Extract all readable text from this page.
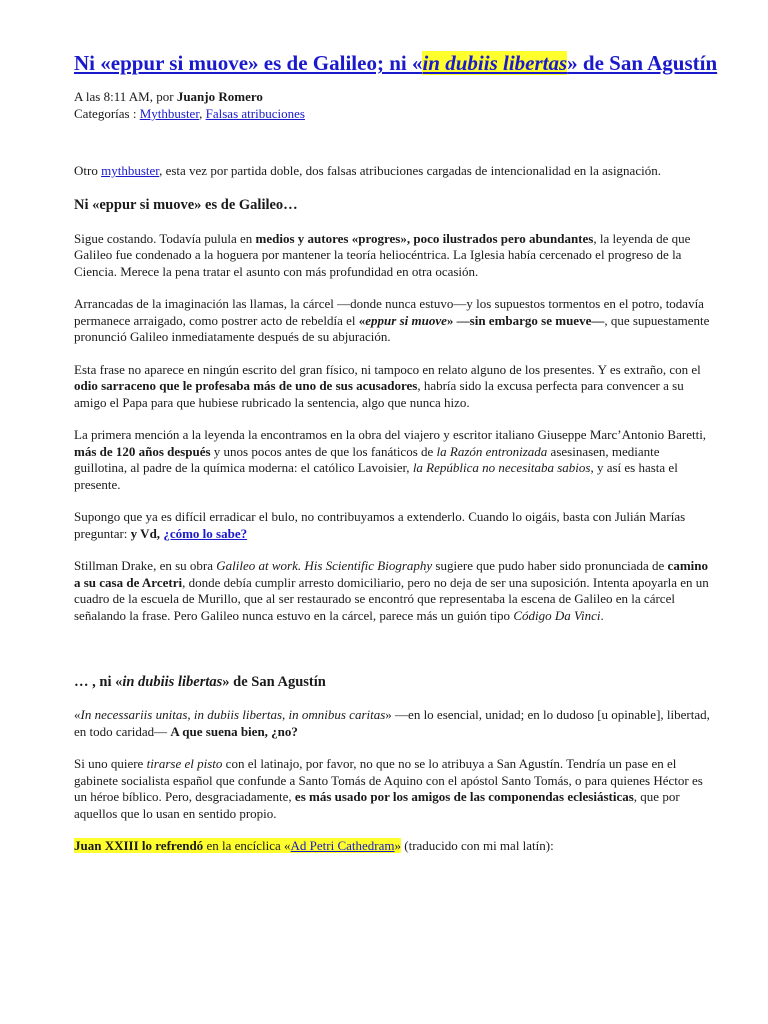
Ni «eppur si muove» es de Galileo; ni «in dubiis libertas» de San Agustín
A las 8:11 AM, por Juanjo Romero
Categorías : Mythbuster, Falsas atribuciones

Otro mythbuster, esta vez por partida doble, dos falsas atribuciones cargadas de intencionalidad en la asignación.

Ni «eppur si muove» es de Galileo…

Sigue costando. Todavía pulula en medios y autores «progres», poco ilustrados pero abundantes, la leyenda de que Galileo fue condenado a la hoguera por mantener la teoría heliocéntrica. La Iglesia había cercenado el progreso de la Ciencia. Merece la pena tratar el asunto con más profundidad en otra ocasión.

Arrancadas de la imaginación las llamas, la cárcel —donde nunca estuvo—y los supuestos tormentos en el potro, todavía permanece arraigado, como postrer acto de rebeldía el «eppur si muove» —sin embargo se mueve—, que supuestamente pronunció Galileo inmediatamente después de su abjuración.

Esta frase no aparece en ningún escrito del gran físico, ni tampoco en relato alguno de los presentes. Y es extraño, con el odio sarraceno que le profesaba más de uno de sus acusadores, habría sido la excusa perfecta para convencer a su amigo el Papa para que hubiese rubricado la sentencia, algo que nunca hizo.

La primera mención a la leyenda la encontramos en la obra del viajero y escritor italiano Giuseppe Marc’Antonio Baretti, más de 120 años después y unos pocos antes de que los fanáticos de la Razón entronizada asesinasen, mediante guillotina, al padre de la química moderna: el católico Lavoisier, la República no necesitaba sabios, y así es hasta el presente.

Supongo que ya es difícil erradicar el bulo, no contribuyamos a extenderlo. Cuando lo oigáis, basta con Julián Marías preguntar: y Vd, ¿cómo lo sabe?

Stillman Drake, en su obra Galileo at work. His Scientific Biography sugiere que pudo haber sido pronunciada de camino a su casa de Arcetri, donde debía cumplir arresto domiciliario, pero no deja de ser una suposición. Intenta apoyarla en un cuadro de la escuela de Murillo, que al ser restaurado se encontró que representaba la escena de Galileo en la cárcel señalando la frase. Pero Galileo nunca estuvo en la cárcel, parece más un guión tipo Código Da Vinci.

… , ni «in dubiis libertas» de San Agustín

«In necessariis unitas, in dubiis libertas, in omnibus caritas» —en lo esencial, unidad; en lo dudoso [u opinable], libertad, en todo caridad— A que suena bien, ¿no?

Si uno quiere tirarse el pisto con el latinajo, por favor, no que no se lo atribuya a San Agustín. Tendría un pase en el gabinete socialista español que confunde a Santo Tomás de Aquino con el apóstol Santo Tomás, o para quienes Héctor es un héroe bíblico. Pero, desgraciadamente, es más usado por los amigos de las componendas eclesiásticas, que por aquellos que lo usan en sentido propio.

Juan XXIII lo refrendó en la encíclica «Ad Petri Cathedram» (traducido con mi mal latín):
